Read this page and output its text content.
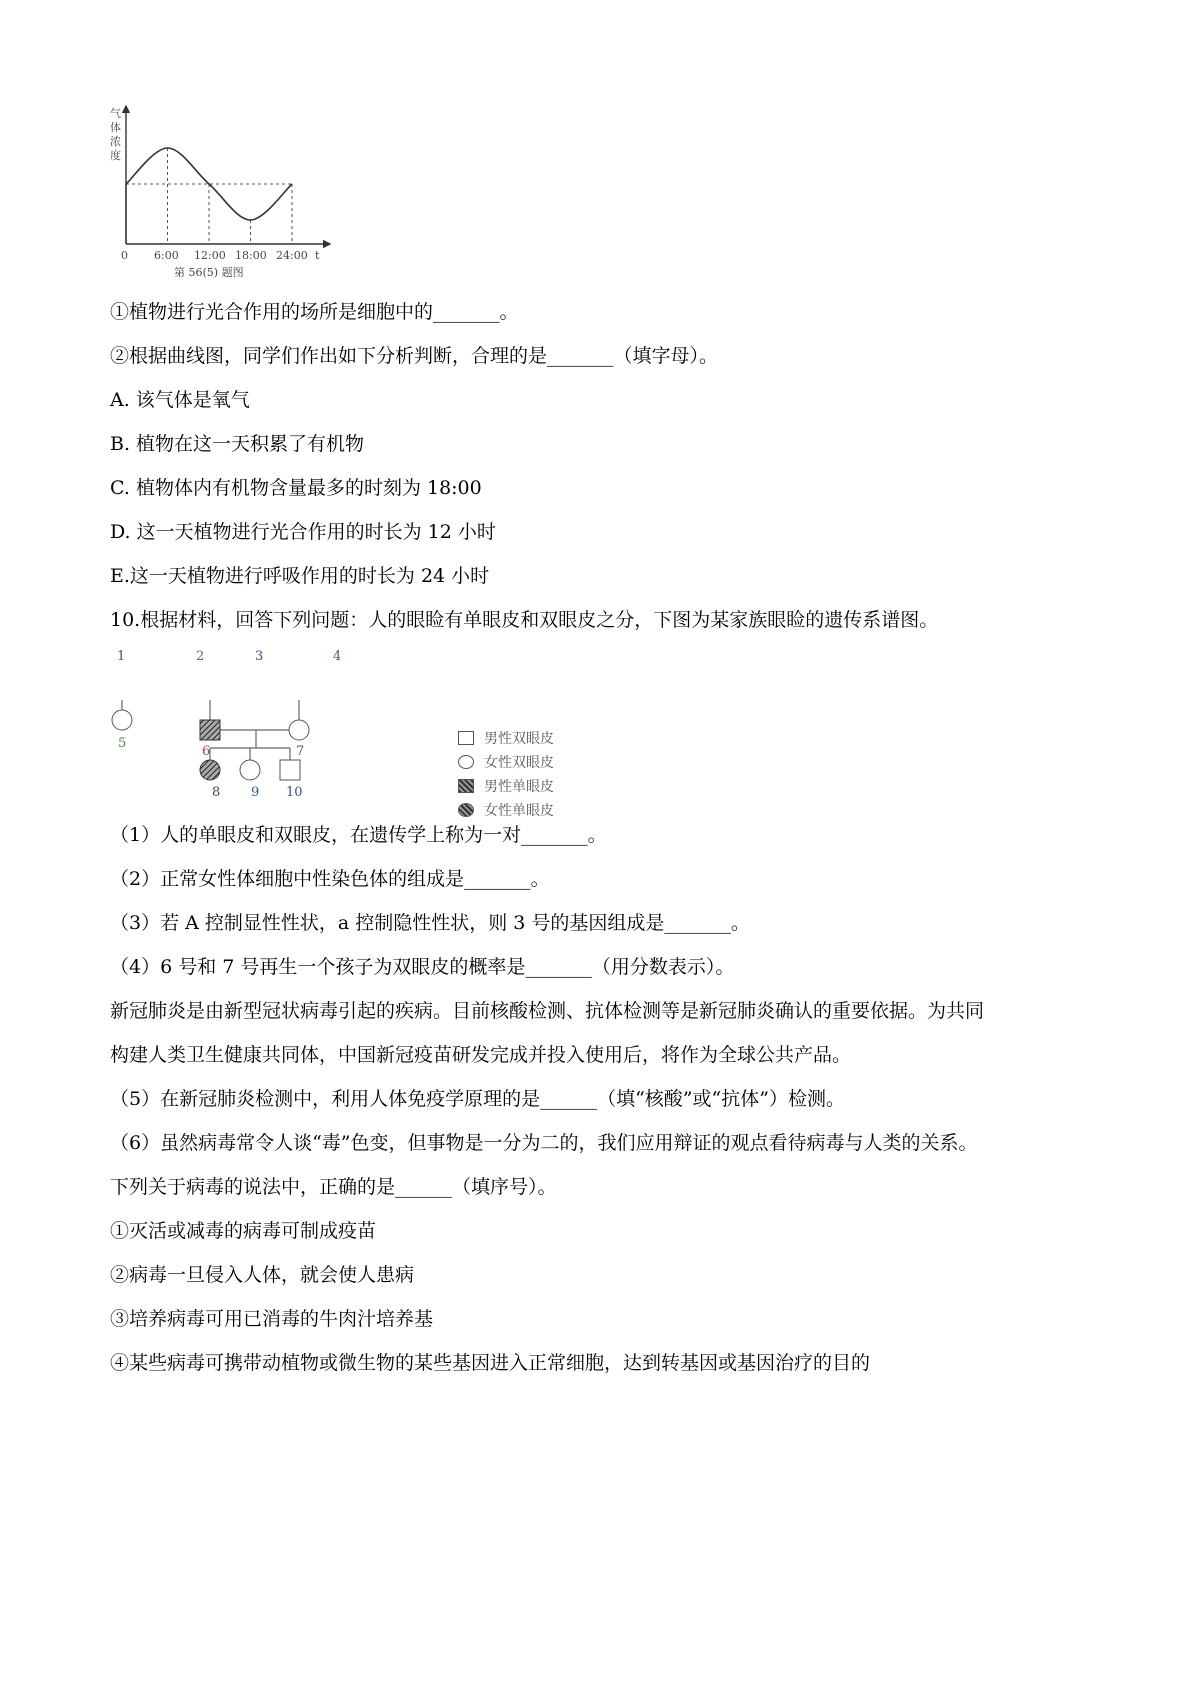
气
体
浓
度
0 6:00 12:00 18:00 24:00 t
第 56(5) 题图
①植物进行光合作用的场所是细胞中的_______。
②根据曲线图，同学们作出如下分析判断，合理的是_______（填字母）。
A. 该气体是氧气
B. 植物在这一天积累了有机物
C. 植物体内有机物含量最多的时刻为 18:00
D. 这一天植物进行光合作用的时长为 12 小时
E.这一天植物进行呼吸作用的时长为 24 小时
10.根据材料，回答下列问题：人的眼睑有单眼皮和双眼皮之分，下图为某家族眼睑的遗传系谱图。
1	2	3	4
5
6	7
8 9 10
男性双眼皮
女性双眼皮
男性单眼皮
女性单眼皮
（1）人的单眼皮和双眼皮，在遗传学上称为一对_______。
（2）正常女性体细胞中性染色体的组成是_______。
（3）若 A 控制显性性状，a 控制隐性性状，则 3 号的基因组成是_______。
（4）6 号和 7 号再生一个孩子为双眼皮的概率是_______（用分数表示）。
新冠肺炎是由新型冠状病毒引起的疾病。目前核酸检测、抗体检测等是新冠肺炎确认的重要依据。为共同
构建人类卫生健康共同体，中国新冠疫苗研发完成并投入使用后，将作为全球公共产品。
（5）在新冠肺炎检测中，利用人体免疫学原理的是______（填“核酸”或“抗体”）检测。
（6）虽然病毒常令人谈“毒”色变，但事物是一分为二的，我们应用辩证的观点看待病毒与人类的关系。
下列关于病毒的说法中，正确的是______（填序号）。
①灭活或减毒的病毒可制成疫苗
②病毒一旦侵入人体，就会使人患病
③培养病毒可用已消毒的牛肉汁培养基
④某些病毒可携带动植物或微生物的某些基因进入正常细胞，达到转基因或基因治疗的目的
